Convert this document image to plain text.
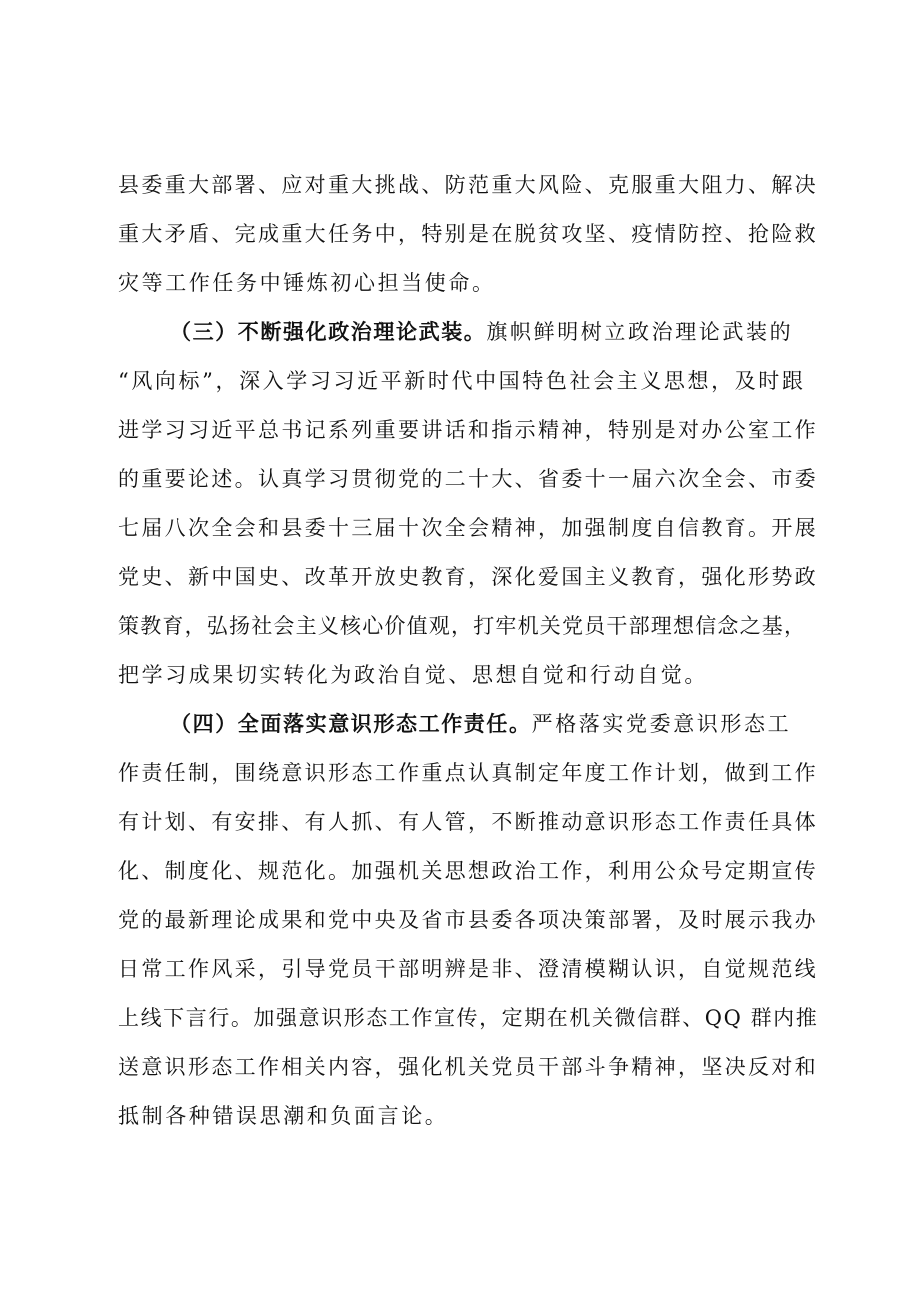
县委重大部署、应对重大挑战、防范重大风险、克服重大阻力、解决
重大矛盾、完成重大任务中，特别是在脱贫攻坚、疫情防控、抢险救
灾等工作任务中锤炼初心担当使命。
（三）不断强化政治理论武装。旗帜鲜明树立政治理论武装的
“风向标”，深入学习习近平新时代中国特色社会主义思想，及时跟
进学习习近平总书记系列重要讲话和指示精神，特别是对办公室工作
的重要论述。认真学习贯彻党的二十大、省委十一届六次全会、市委
七届八次全会和县委十三届十次全会精神，加强制度自信教育。开展
党史、新中国史、改革开放史教育，深化爱国主义教育，强化形势政
策教育，弘扬社会主义核心价值观，打牢机关党员干部理想信念之基，
把学习成果切实转化为政治自觉、思想自觉和行动自觉。
（四）全面落实意识形态工作责任。严格落实党委意识形态工
作责任制，围绕意识形态工作重点认真制定年度工作计划，做到工作
有计划、有安排、有人抓、有人管，不断推动意识形态工作责任具体
化、制度化、规范化。加强机关思想政治工作，利用公众号定期宣传
党的最新理论成果和党中央及省市县委各项决策部署，及时展示我办
日常工作风采，引导党员干部明辨是非、澄清模糊认识，自觉规范线
上线下言行。加强意识形态工作宣传，定期在机关微信群、QQ 群内推
送意识形态工作相关内容，强化机关党员干部斗争精神，坚决反对和
抵制各种错误思潮和负面言论。
